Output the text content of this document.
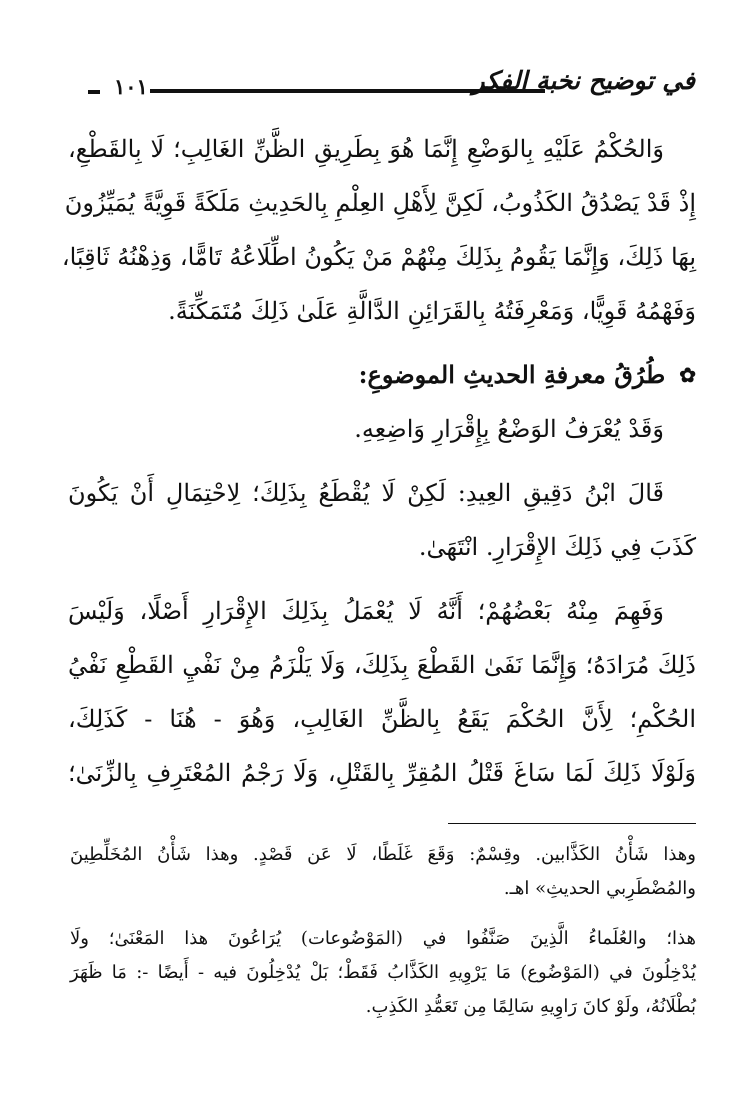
١٠١	في توضيح نخبة الفكر
وَالحُكْمُ عَلَيْهِ بِالوَضْعِ إِنَّمَا هُوَ بِطَرِيقِ الظَّنِّ الغَالِبِ؛ لَا بِالقَطْعِ،
إِذْ قَدْ يَصْدُقُ الكَذُوبُ، لَكِنَّ لِأَهْلِ العِلْمِ بِالحَدِيثِ مَلَكَةً قَوِيَّةً يُمَيِّزُونَ
بِهَا ذَلِكَ، وَإِنَّمَا يَقُومُ بِذَلِكَ مِنْهُمْ مَنْ يَكُونُ اطِّلَاعُهُ تَامًّا، وَذِهْنُهُ ثَاقِبًا،
وَفَهْمُهُ قَوِيًّا، وَمَعْرِفَتُهُ بِالقَرَائِنِ الدَّالَّةِ عَلَىٰ ذَلِكَ مُتَمَكِّنَةً.
✿
طُرُقُ معرفةِ الحديثِ الموضوعِ:
وَقَدْ يُعْرَفُ الوَضْعُ بِإِقْرَارِ وَاضِعِهِ.
قَالَ ابْنُ دَقِيقِ العِيدِ: لَكِنْ لَا يُقْطَعُ بِذَلِكَ؛ لِاحْتِمَالِ أَنْ يَكُونَ
كَذَبَ فِي ذَلِكَ الإِقْرَارِ. انْتَهَىٰ.
وَفَهِمَ مِنْهُ بَعْضُهُمْ؛ أَنَّهُ لَا يُعْمَلُ بِذَلِكَ الإِقْرَارِ أَصْلًا، وَلَيْسَ
ذَلِكَ مُرَادَهُ؛ وَإِنَّمَا نَفَىٰ القَطْعَ بِذَلِكَ، وَلَا يَلْزَمُ مِنْ نَفْيِ القَطْعِ نَفْيُ
الحُكْمِ؛ لِأَنَّ الحُكْمَ يَقَعُ بِالظَّنِّ الغَالِبِ، وَهُوَ - هُنَا - كَذَلِكَ،
وَلَوْلَا ذَلِكَ لَمَا سَاغَ قَتْلُ المُقِرِّ بِالقَتْلِ، وَلَا رَجْمُ المُعْتَرِفِ بِالزِّنَىٰ؛
وهذا شَأْنُ الكَذَّابين. وقِسْمٌ: وَقَعَ غَلَطًا، لَا عَن قَصْدٍ. وهذا شَأْنُ المُخَلِّطِينَ
والمُضْطَرِبي الحديثِ» اهـ.
هذا؛ والعُلَماءُ الَّذِينَ صَنَّفُوا في (المَوْضُوعات) يُرَاعُونَ هذا المَعْنَىٰ؛ ولَا
يُدْخِلُونَ في (المَوْضُوع) مَا يَرْوِيهِ الكَذَّابُ فَقَطْ؛ بَلْ يُدْخِلُونَ فيه - أَيضًا -: مَا ظَهَرَ
بُطْلَانُهُ، ولَوْ كانَ رَاوِيهِ سَالِمًا مِن تَعَمُّدِ الكَذِبِ.
